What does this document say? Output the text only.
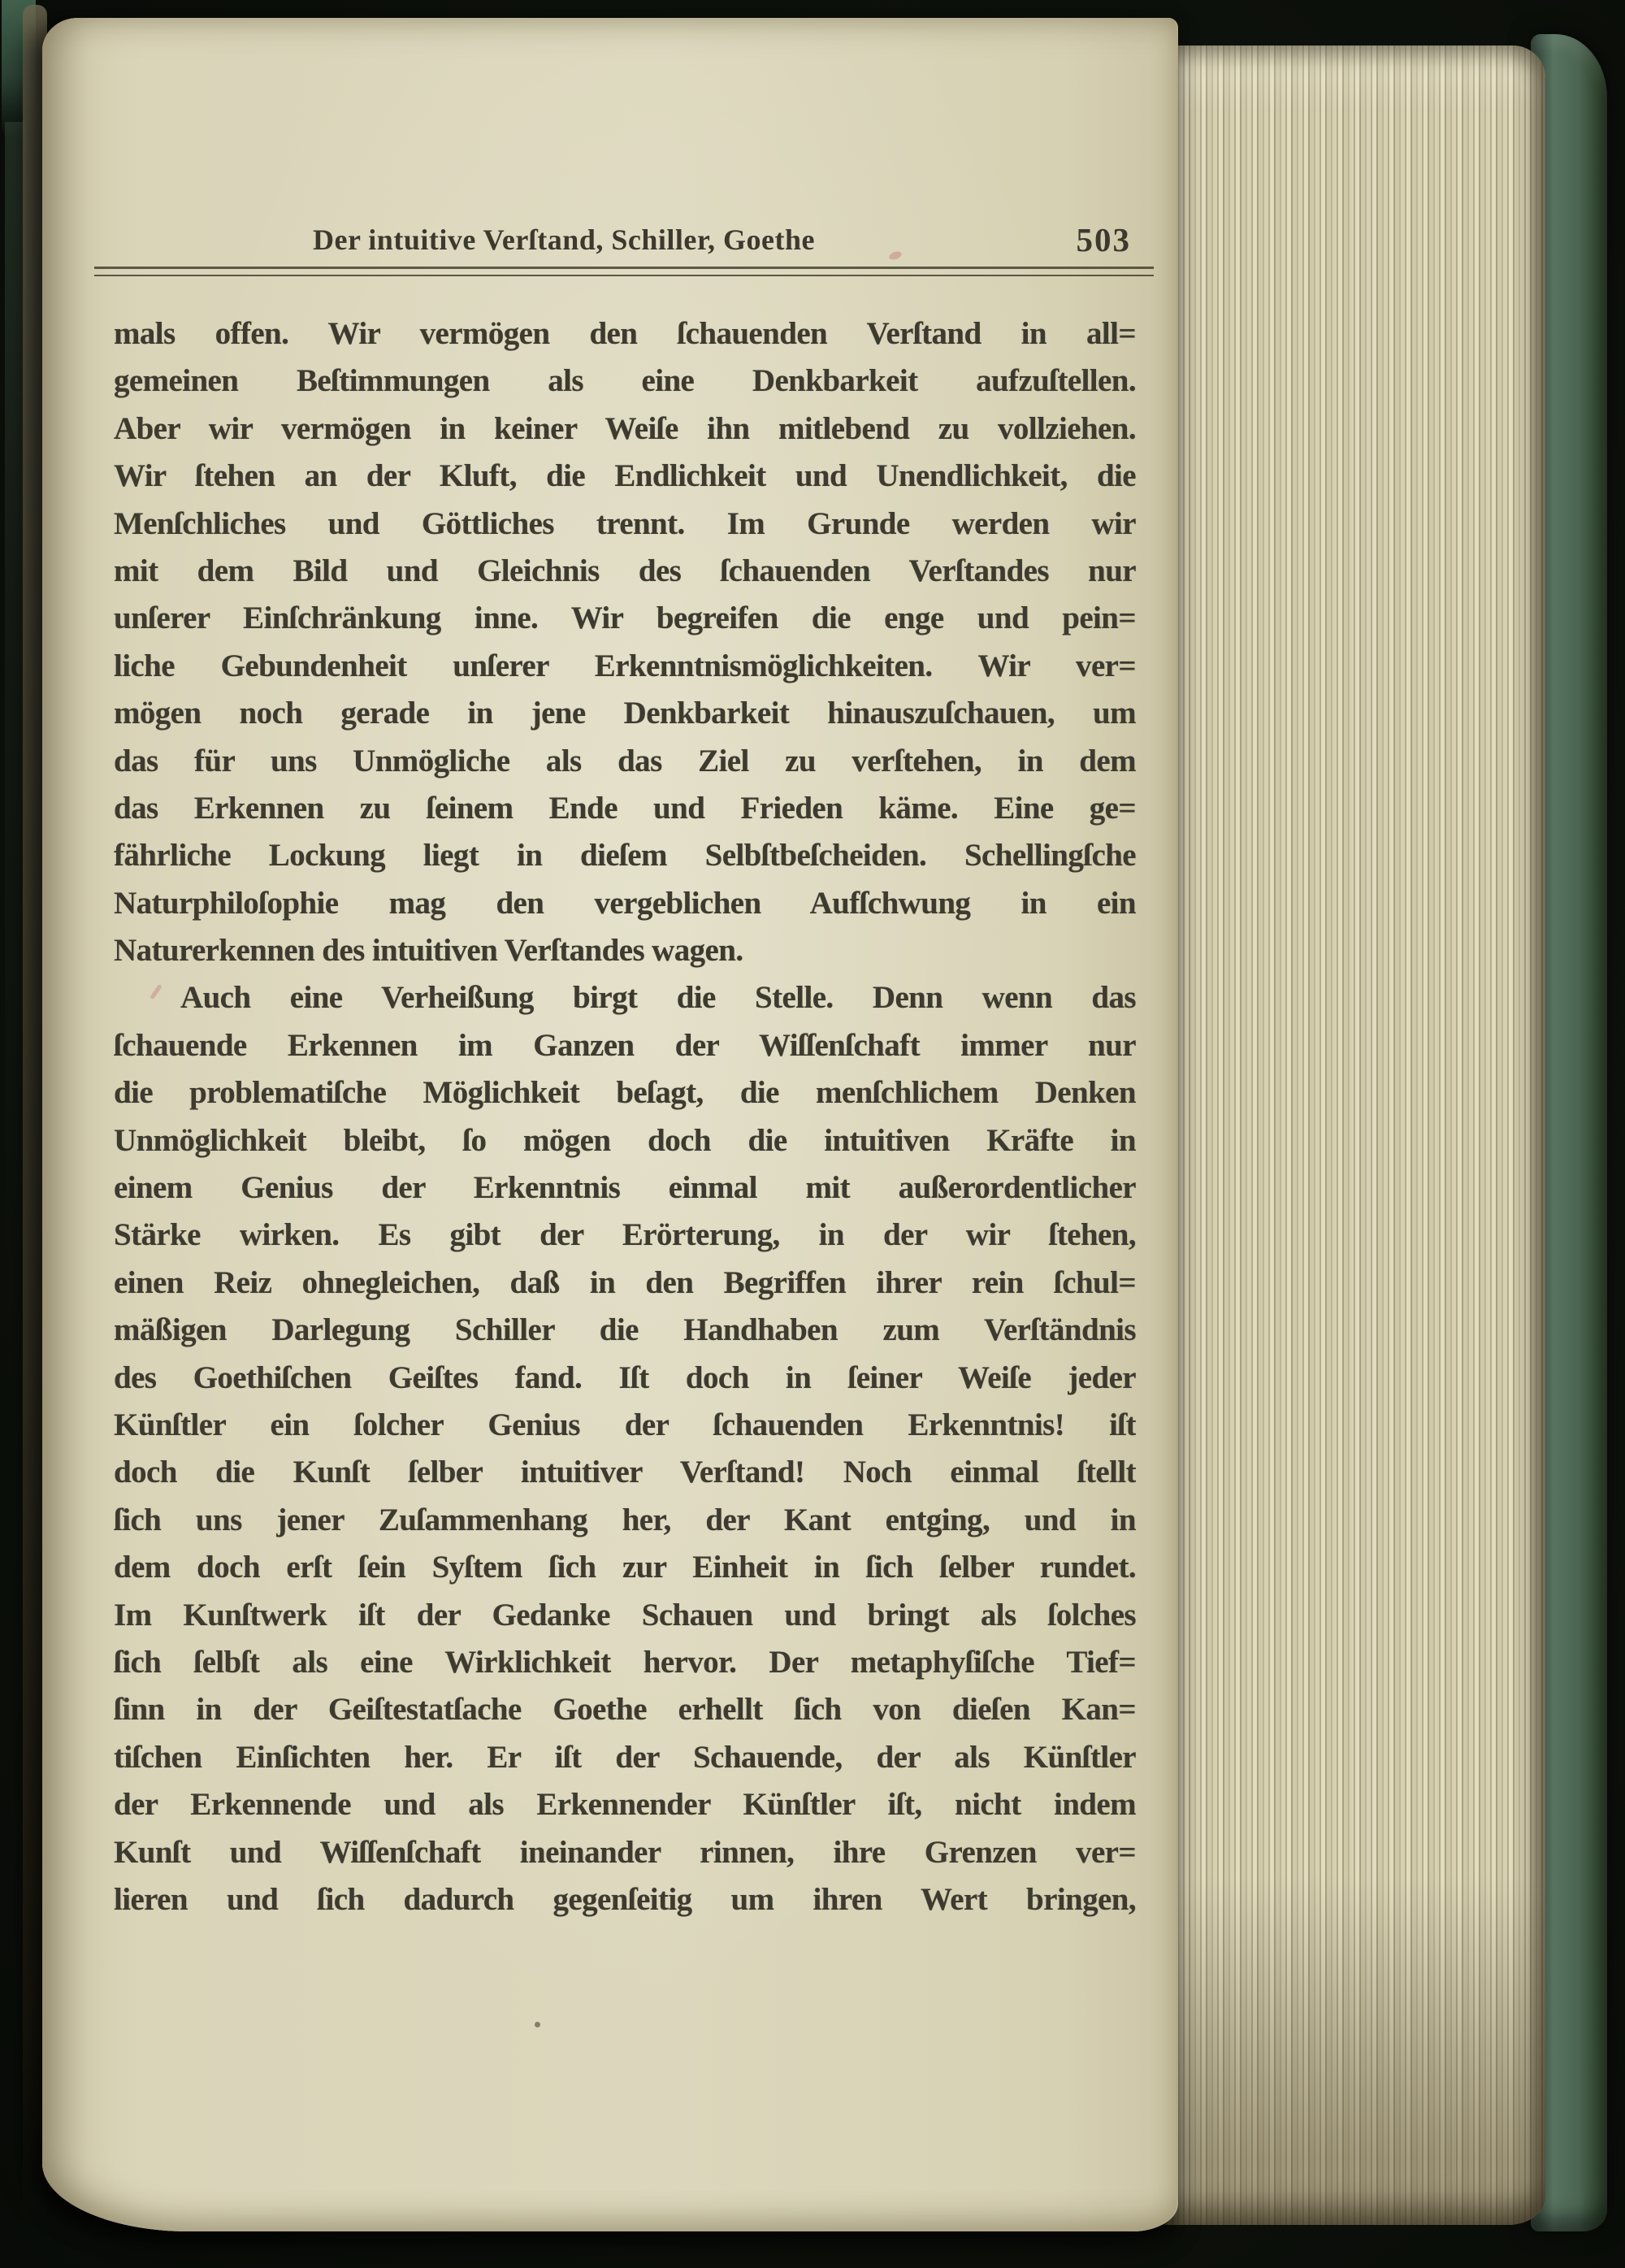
Der intuitive Verſtand, Schiller, Goethe	503
mals offen. Wir vermögen den ſchauenden Verſtand in all=
gemeinen Beſtimmungen als eine Denkbarkeit aufzuſtellen.
Aber wir vermögen in keiner Weiſe ihn mitlebend zu vollziehen.
Wir ſtehen an der Kluft, die Endlichkeit und Unendlichkeit, die
Menſchliches und Göttliches trennt. Im Grunde werden wir
mit dem Bild und Gleichnis des ſchauenden Verſtandes nur
unſerer Einſchränkung inne. Wir begreifen die enge und pein=
liche Gebundenheit unſerer Erkenntnismöglichkeiten. Wir ver=
mögen noch gerade in jene Denkbarkeit hinauszuſchauen, um
das für uns Unmögliche als das Ziel zu verſtehen, in dem
das Erkennen zu ſeinem Ende und Frieden käme. Eine ge=
fährliche Lockung liegt in dieſem Selbſtbeſcheiden. Schellingſche
Naturphiloſophie mag den vergeblichen Aufſchwung in ein
Naturerkennen des intuitiven Verſtandes wagen.
Auch eine Verheißung birgt die Stelle. Denn wenn das
ſchauende Erkennen im Ganzen der Wiſſenſchaft immer nur
die problematiſche Möglichkeit beſagt, die menſchlichem Denken
Unmöglichkeit bleibt, ſo mögen doch die intuitiven Kräfte in
einem Genius der Erkenntnis einmal mit außerordentlicher
Stärke wirken. Es gibt der Erörterung, in der wir ſtehen,
einen Reiz ohnegleichen, daß in den Begriffen ihrer rein ſchul=
mäßigen Darlegung Schiller die Handhaben zum Verſtändnis
des Goethiſchen Geiſtes fand. Iſt doch in ſeiner Weiſe jeder
Künſtler ein ſolcher Genius der ſchauenden Erkenntnis! iſt
doch die Kunſt ſelber intuitiver Verſtand! Noch einmal ſtellt
ſich uns jener Zuſammenhang her, der Kant entging, und in
dem doch erſt ſein Syſtem ſich zur Einheit in ſich ſelber rundet.
Im Kunſtwerk iſt der Gedanke Schauen und bringt als ſolches
ſich ſelbſt als eine Wirklichkeit hervor. Der metaphyſiſche Tief=
ſinn in der Geiſtestatſache Goethe erhellt ſich von dieſen Kan=
tiſchen Einſichten her. Er iſt der Schauende, der als Künſtler
der Erkennende und als Erkennender Künſtler iſt, nicht indem
Kunſt und Wiſſenſchaft ineinander rinnen, ihre Grenzen ver=
lieren und ſich dadurch gegenſeitig um ihren Wert bringen,
